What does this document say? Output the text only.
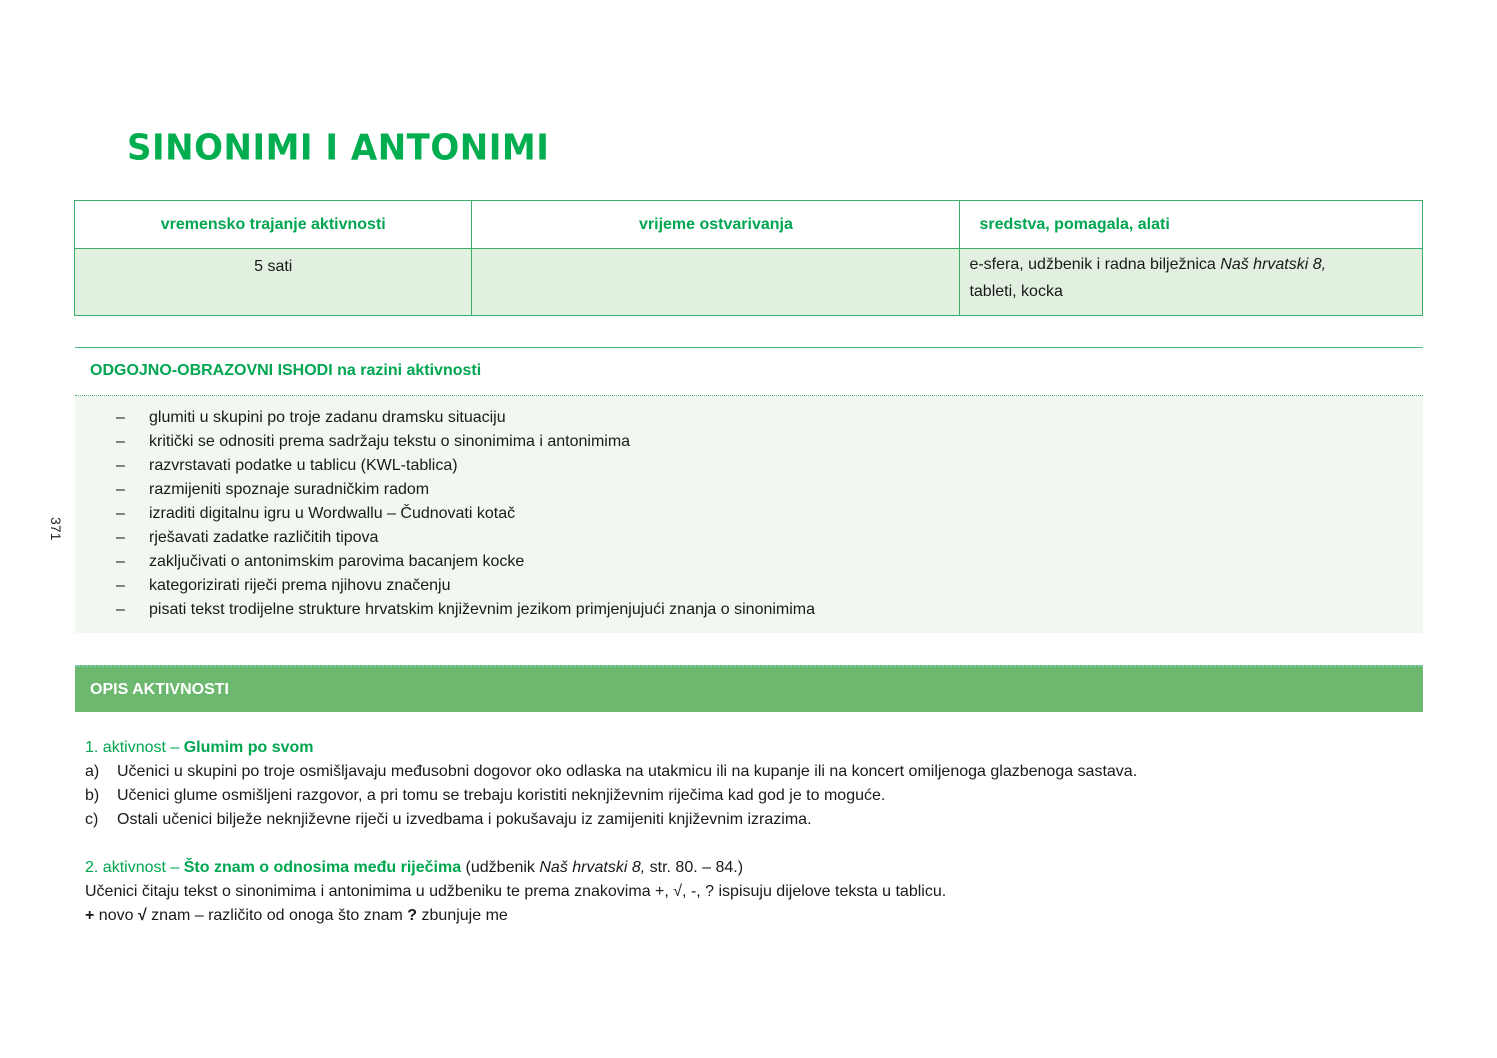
SINONIMI I ANTONIMI
371
vremensko trajanje aktivnosti	vrijeme ostvarivanja	sredstva, pomagala, alati
5 sati		e-sfera, udžbenik i radna bilježnica Naš hrvatski 8,
tableti, kocka
ODGOJNO-OBRAZOVNI ISHODI na razini aktivnosti
– glumiti u skupini po troje zadanu dramsku situaciju
– kritički se odnositi prema sadržaju tekstu o sinonimima i antonimima
– razvrstavati podatke u tablicu (KWL-tablica)
– razmijeniti spoznaje suradničkim radom
– izraditi digitalnu igru u Wordwallu – Čudnovati kotač
– rješavati zadatke različitih tipova
– zaključivati o antonimskim parovima bacanjem kocke
– kategorizirati riječi prema njihovu značenju
– pisati tekst trodijelne strukture hrvatskim književnim jezikom primjenjujući znanja o sinonimima
OPIS AKTIVNOSTI
1. aktivnost – Glumim po svom
a) Učenici u skupini po troje osmišljavaju međusobni dogovor oko odlaska na utakmicu ili na kupanje ili na koncert omiljenoga glazbenoga sastava.
b) Učenici glume osmišljeni razgovor, a pri tomu se trebaju koristiti neknjiževnim riječima kad god je to moguće.
c) Ostali učenici bilježe neknjiževne riječi u izvedbama i pokušavaju iz zamijeniti književnim izrazima.
2. aktivnost – Što znam o odnosima među riječima (udžbenik Naš hrvatski 8, str. 80. – 84.)
Učenici čitaju tekst o sinonimima i antonimima u udžbeniku te prema znakovima +, √, -, ? ispisuju dijelove teksta u tablicu.
+ novo √ znam – različito od onoga što znam ? zbunjuje me
